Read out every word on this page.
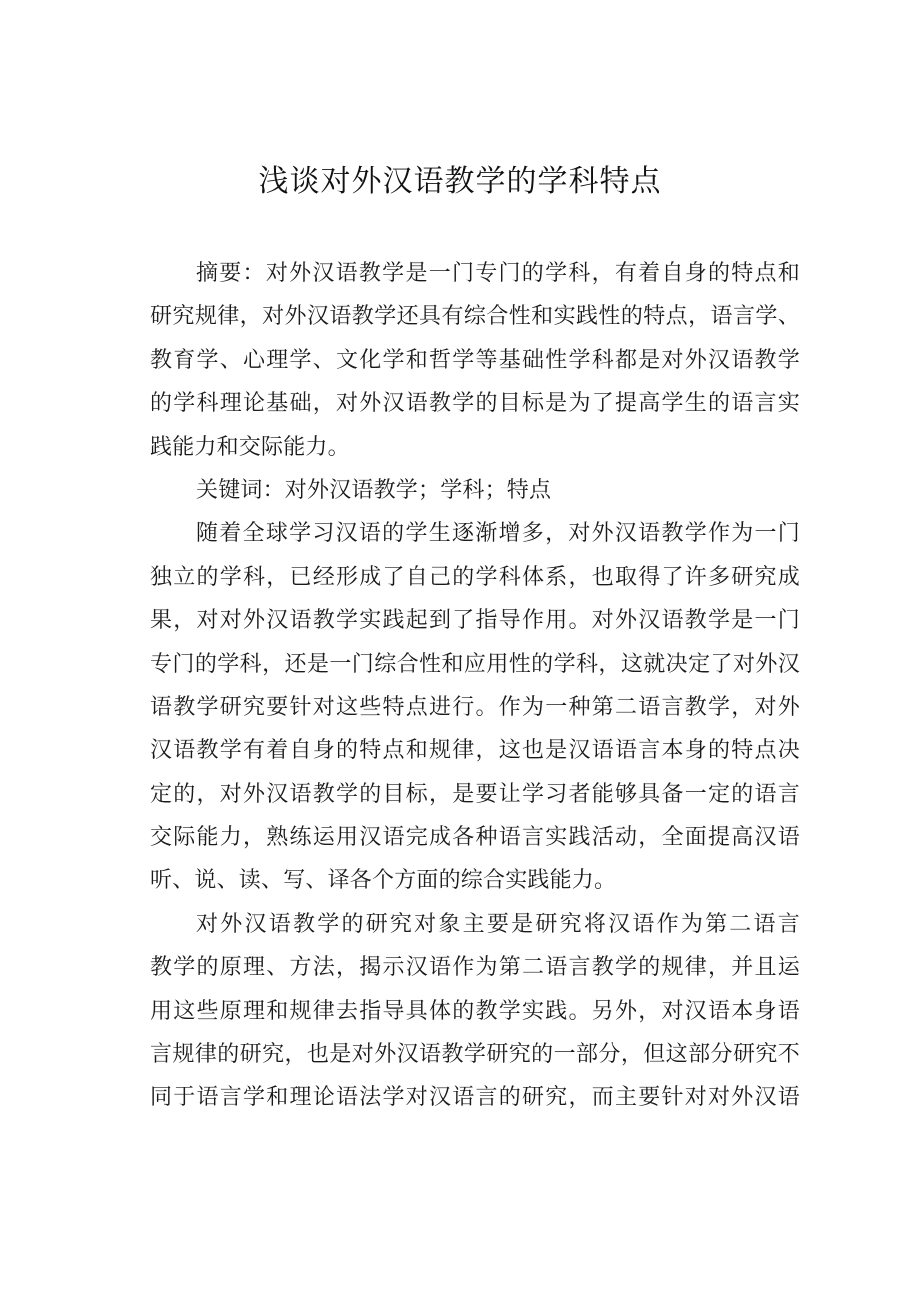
浅谈对外汉语教学的学科特点
摘要：对外汉语教学是一门专门的学科，有着自身的特点和
研究规律，对外汉语教学还具有综合性和实践性的特点，语言学、
教育学、心理学、文化学和哲学等基础性学科都是对外汉语教学
的学科理论基础，对外汉语教学的目标是为了提高学生的语言实
践能力和交际能力。
关键词：对外汉语教学；学科；特点
随着全球学习汉语的学生逐渐增多，对外汉语教学作为一门
独立的学科，已经形成了自己的学科体系，也取得了许多研究成
果，对对外汉语教学实践起到了指导作用。对外汉语教学是一门
专门的学科，还是一门综合性和应用性的学科，这就决定了对外汉
语教学研究要针对这些特点进行。作为一种第二语言教学，对外
汉语教学有着自身的特点和规律，这也是汉语语言本身的特点决
定的，对外汉语教学的目标，是要让学习者能够具备一定的语言
交际能力，熟练运用汉语完成各种语言实践活动，全面提高汉语
听、说、读、写、译各个方面的综合实践能力。
对外汉语教学的研究对象主要是研究将汉语作为第二语言
教学的原理、方法，揭示汉语作为第二语言教学的规律，并且运
用这些原理和规律去指导具体的教学实践。另外，对汉语本身语
言规律的研究，也是对外汉语教学研究的一部分，但这部分研究不
同于语言学和理论语法学对汉语言的研究，而主要针对对外汉语
